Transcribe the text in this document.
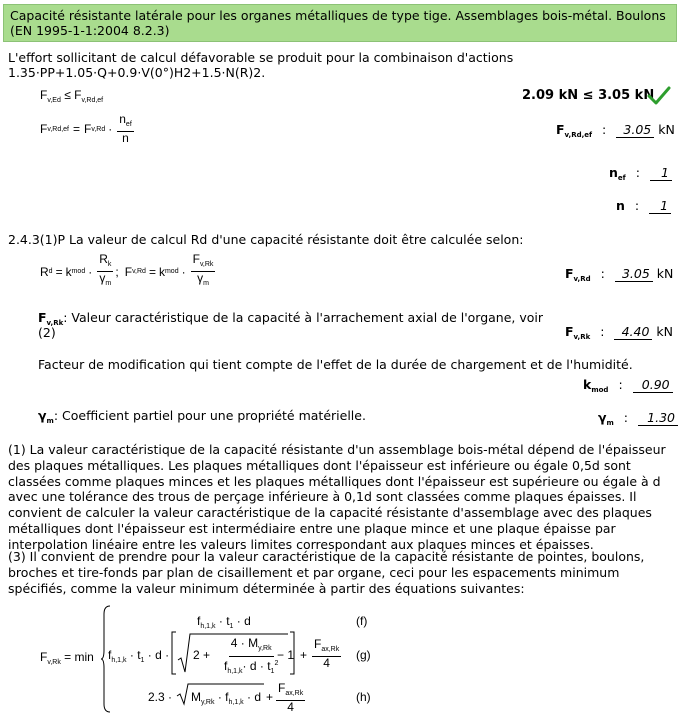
Capacité résistante latérale pour les organes métalliques de type tige. Assemblages bois-métal. Boulons
(EN 1995-1-1:2004 8.2.3)
L'effort sollicitant de calcul défavorable se produit pour la combinaison d'actions
1.35·PP+1.05·Q+0.9·V(0°)H2+1.5·N(R)2.
$F_{v,Ed} \le F_{v,Rd,ef}$	2.09 kN ≤ 3.05 kN
F v,Rd,ef = F $v,Rd \cdot \frac{n_{ef}}{n}$	$F_{v,Rd,ef}$ : 3.05 kN
$n_{ef}$ : 1
n : 1
2.4.3(1)P La valeur de calcul Rd d'une capacité résistante doit être calculée selon:
R d = k mod · $\frac{R_k}{\gamma_m}$ ; F v,Rd = k mod · $\frac{F_{v,Rk}}{\gamma_m}$	$F_{v,Rd}$ : 3.05 kN
$F_{v,Rk}$: Valeur caractéristique de la capacité à l'arrachement axial de l'organe, voir
(2)	$F_{v,Rk}$ : 4.40 kN
Facteur de modification qui tient compte de l'effet de la durée de chargement et de l'humidité.
$k_{mod}$ : 0.90
$\gamma_m$: Coefficient partiel pour une propriété matérielle.	$\gamma_m$ : 1.30
(1) La valeur caractéristique de la capacité résistante d'un assemblage bois-métal dépend de l'épaisseur des plaques métalliques. Les plaques métalliques dont l'épaisseur est inférieure ou égale 0,5d sont classées comme plaques minces et les plaques métalliques dont l'épaisseur est supérieure ou égale à d avec une tolérance des trous de perçage inférieure à 0,1d sont classées comme plaques épaisses. Il convient de calculer la valeur caractéristique de la capacité résistante d'assemblage avec des plaques métalliques dont l'épaisseur est intermédiaire entre une plaque mince et une plaque épaisse par interpolation linéaire entre les valeurs limites correspondant aux plaques minces et épaisses.
(3) Il convient de prendre pour la valeur caractéristique de la capacité résistante de pointes, boulons, broches et tire-fonds par plan de cisaillement et par organe, ceci pour les espacements minimum spécifiés, comme la valeur minimum déterminée à partir des équations suivantes:
$F_{v,Rk} = \min$
$f_{h,1,k} \cdot t_1 \cdot d$	(f)
$f_{h,1,k} \cdot t_1 \cdot d \cdot 2$ +
$4 \cdot M_{y,Rk}$
$f_{h,1,k}\cdot d \cdot t_1^2$
− 1 +
$F_{ax,Rk}$
4
(g)
$2.3 \cdot M_{y,Rk} \cdot f_{h,1,k} \cdot d$ +
$F_{ax,Rk}$
4
(h)
